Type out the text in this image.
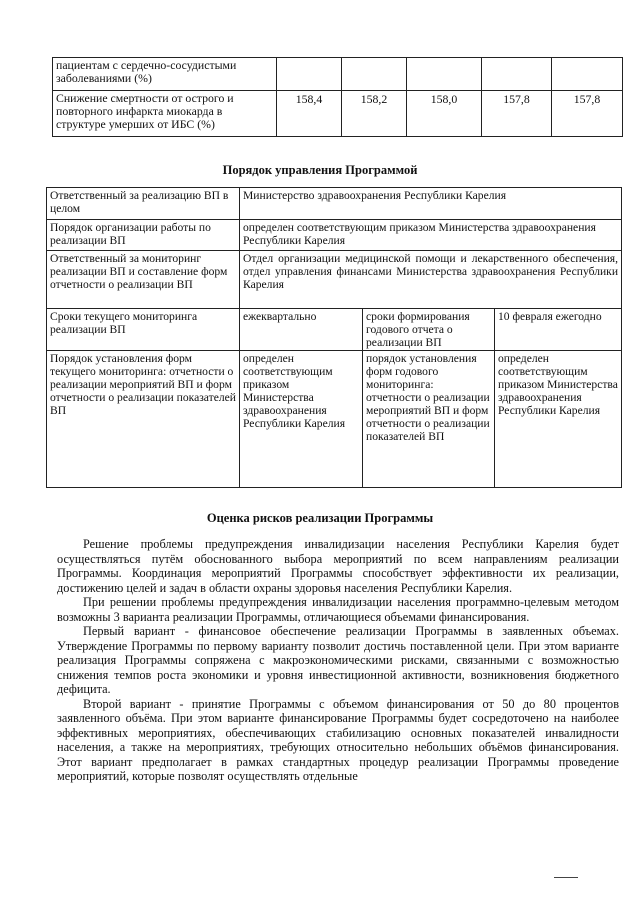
пациентам с сердечно-сосудистыми заболеваниями (%)					
Снижение смертности от острого и повторного инфаркта миокарда в структуре умерших от ИБС (%)	158,4	158,2	158,0	157,8	157,8
Порядок управления Программой
Ответственный за реализацию ВП в целом	Министерство здравоохранения Республики Карелия		
Порядок организации работы по реализации ВП	определен соответствующим приказом Министерства здравоохранения Республики Карелия		
Ответственный за мониторинг реализации ВП и составление форм отчетности о реализации ВП	Отдел организации медицинской помощи и лекарственного обеспечения, отдел управления финансами Министерства здравоохранения Республики Карелия		
Сроки текущего мониторинга реализации ВП	ежеквартально	сроки формирования годового отчета о реализации ВП	10 февраля ежегодно
Порядок установления форм текущего мониторинга: отчетности о реализации мероприятий ВП и форм отчетности о реализации показателей ВП	определен соответствующим приказом Министерства здравоохранения Республики Карелия	порядок установления форм годового мониторинга: отчетности о реализации мероприятий ВП и форм отчетности о реализации показателей ВП	определен соответствующим приказом Министерства здравоохранения Республики Карелия
Оценка рисков реализации Программы

Решение проблемы предупреждения инвалидизации населения Республики Карелия будет осуществляться путём обоснованного выбора мероприятий по всем направлениям реализации Программы. Координация мероприятий Программы способствует эффективности их реализации, достижению целей и задач в области охраны здоровья населения Республики Карелия.

При решении проблемы предупреждения инвалидизации населения программно-целевым методом возможны 3 варианта реализации Программы, отличающиеся объемами финансирования.

Первый вариант - финансовое обеспечение реализации Программы в заявленных объемах. Утверждение Программы по первому варианту позволит достичь поставленной цели. При этом варианте реализация Программы сопряжена с макроэкономическими рисками, связанными с возможностью снижения темпов роста экономики и уровня инвестиционной активности, возникновения бюджетного дефицита.

Второй вариант - принятие Программы с объемом финансирования от 50 до 80 процентов заявленного объёма. При этом варианте финансирование Программы будет сосредоточено на наиболее эффективных мероприятиях, обеспечивающих стабилизацию основных показателей инвалидности населения, а также на мероприятиях, требующих относительно небольших объёмов финансирования. Этот вариант предполагает в рамках стандартных процедур реализации Программы проведение мероприятий, которые позволят осуществлять отдельные
